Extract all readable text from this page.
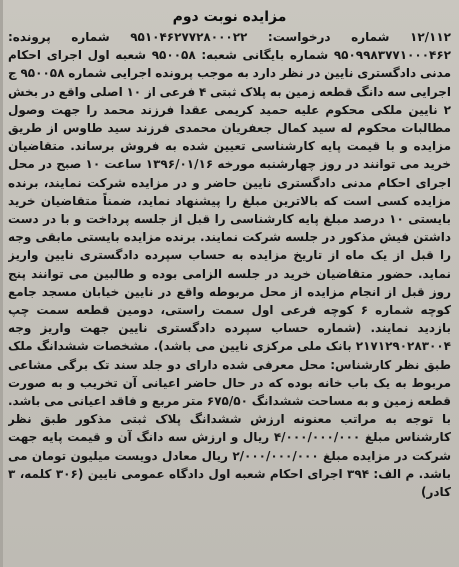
مزایده نوبت دوم
۱۲/۱۱۲ شماره درخواست: ۹۵۱۰۴۶۲۷۷۲۸۰۰۰۲۲ شماره پرونده: ۹۵۰۹۹۸۳۷۷۱۰۰۰۴۶۲ شماره بایگانی شعبه: ۹۵۰۰۵۸ شعبه اول اجرای احکام مدنی دادگستری نایین در نظر دارد به موجب پرونده اجرایی شماره ۹۵۰۰۵۸ ج اجرایی سه دانگ قطعه زمین به پلاک ثبتی ۴ فرعی از ۱۰ اصلی واقع در بخش ۲ نایین ملکی محکوم علیه حمید کریمی عقدا فرزند محمد را جهت وصول مطالبات محکوم له سید کمال جعفریان محمدی فرزند سید طاوس از طریق مزایده و با قیمت پایه کارشناسی تعیین شده به فروش برساند. متقاضیان خرید می توانند در روز چهارشنبه مورخه ۱۳۹۶/۰۱/۱۶ ساعت ۱۰ صبح در محل اجرای احکام مدنی دادگستری نایین حاضر و در مزایده شرکت نمایند، برنده مزایده کسی است که بالاترین مبلغ را پیشنهاد نماید، ضمناً متقاضیان خرید بایستی ۱۰ درصد مبلغ پایه کارشناسی را قبل از جلسه پرداخت و با در دست داشتن فیش مذکور در جلسه شرکت نمایند. برنده مزایده بایستی مابقی وجه را قبل از یک ماه از تاریخ مزایده به حساب سپرده دادگستری نایین واریز نماید. حضور متقاضیان خرید در جلسه الزامی بوده و طالبین می توانند پنج روز قبل از انجام مزایده از محل مربوطه واقع در نایین خیابان مسجد جامع کوچه شماره ۶ کوچه فرعی اول سمت راستی، دومین قطعه سمت چپ بازدید نمایند. (شماره حساب سپرده دادگستری نایین جهت واریز وجه ۲۱۷۱۲۹۰۲۸۳۰۰۴ بانک ملی مرکزی نایین می باشد). مشخصات ششدانگ ملک طبق نظر کارشناس: محل معرفی شده دارای دو جلد سند تک برگی مشاعی مربوط به یک باب خانه بوده که در حال حاضر اعیانی آن تخریب و به صورت قطعه زمین و به مساحت ششدانگ ۶۷۵/۵۰ متر مربع و فاقد اعیانی می باشد. با توجه به مراتب معنونه ارزش ششدانگ پلاک ثبتی مذکور طبق نظر کارشناس مبلغ ۴/۰۰۰/۰۰۰/۰۰۰ ریال و ارزش سه دانگ آن و قیمت پایه جهت شرکت در مزایده مبلغ ۲/۰۰۰/۰۰۰/۰۰۰ ریال معادل دویست میلیون تومان می باشد. م الف: ۳۹۴ اجرای احکام شعبه اول دادگاه عمومی نایین (۳۰۶ کلمه، ۳ کادر)
